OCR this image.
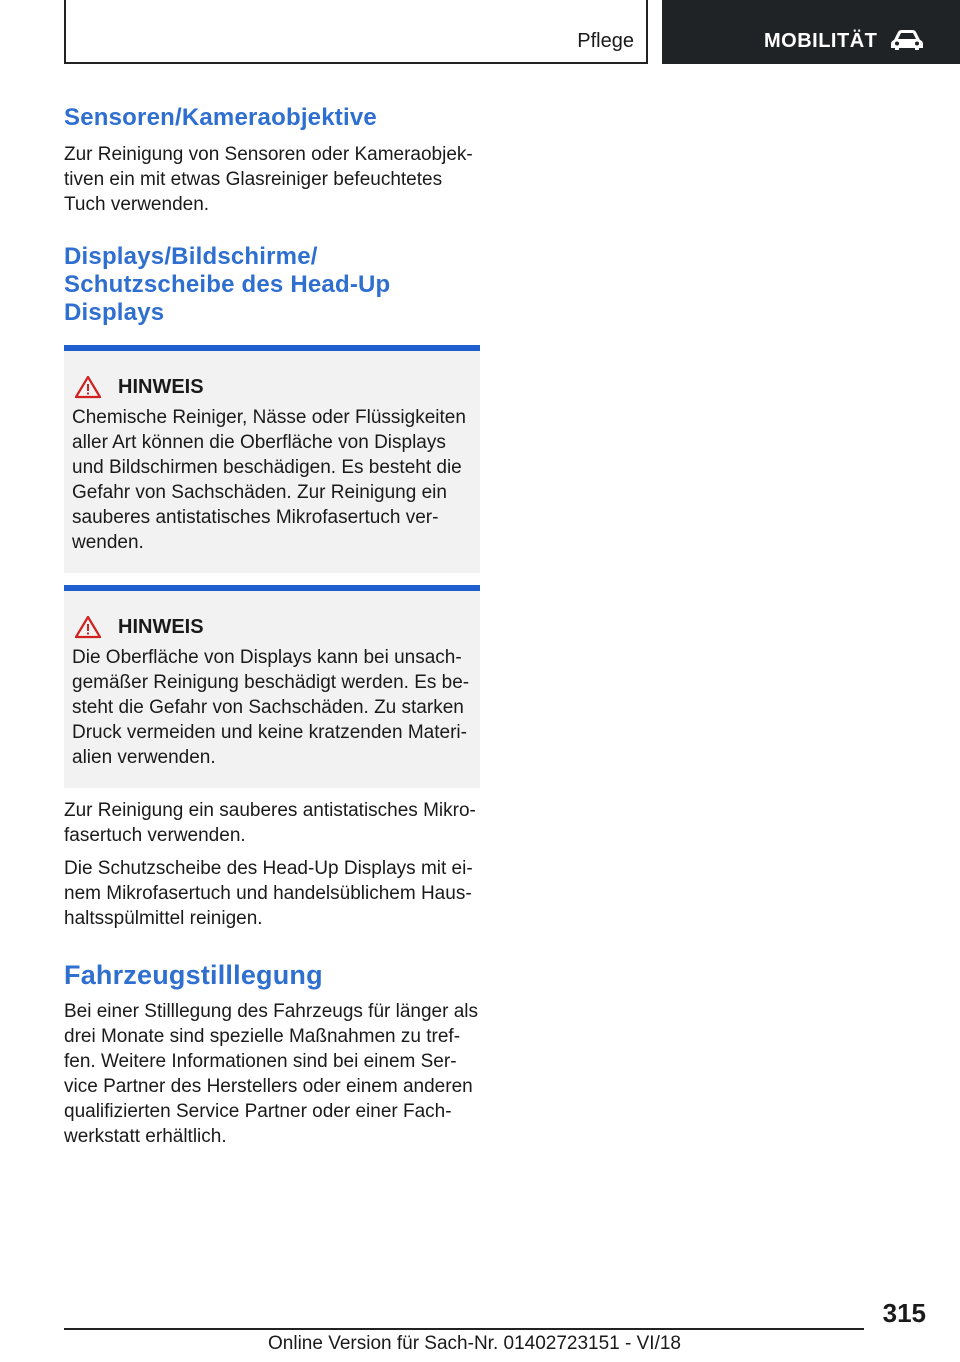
Pflege	MOBILITÄT
Sensoren/Kameraobjektive

Zur Reinigung von Sensoren oder Kameraobjektiven ein mit etwas Glasreiniger befeuchtetes Tuch verwenden.

Displays/Bildschirme/
Schutzscheibe des Head-Up
Displays
HINWEIS

Chemische Reiniger, Nässe oder Flüssigkeiten aller Art können die Oberfläche von Displays und Bildschirmen beschädigen. Es besteht die Gefahr von Sachschäden. Zur Reinigung ein sauberes antistatisches Mikrofasertuch verwenden.

HINWEIS

Die Oberfläche von Displays kann bei unsachgemäßer Reinigung beschädigt werden. Es besteht die Gefahr von Sachschäden. Zu starken Druck vermeiden und keine kratzenden Materialien verwenden.

Zur Reinigung ein sauberes antistatisches Mikrofasertuch verwenden.

Die Schutzscheibe des Head-Up Displays mit einem Mikrofasertuch und handelsüblichem Haushaltsspülmittel reinigen.

Fahrzeugstilllegung

Bei einer Stilllegung des Fahrzeugs für länger als drei Monate sind spezielle Maßnahmen zu treffen. Weitere Informationen sind bei einem Service Partner des Herstellers oder einem anderen qualifizierten Service Partner oder einer Fachwerkstatt erhältlich.

315
Online Version für Sach-Nr. 01402723151 - VI/18
